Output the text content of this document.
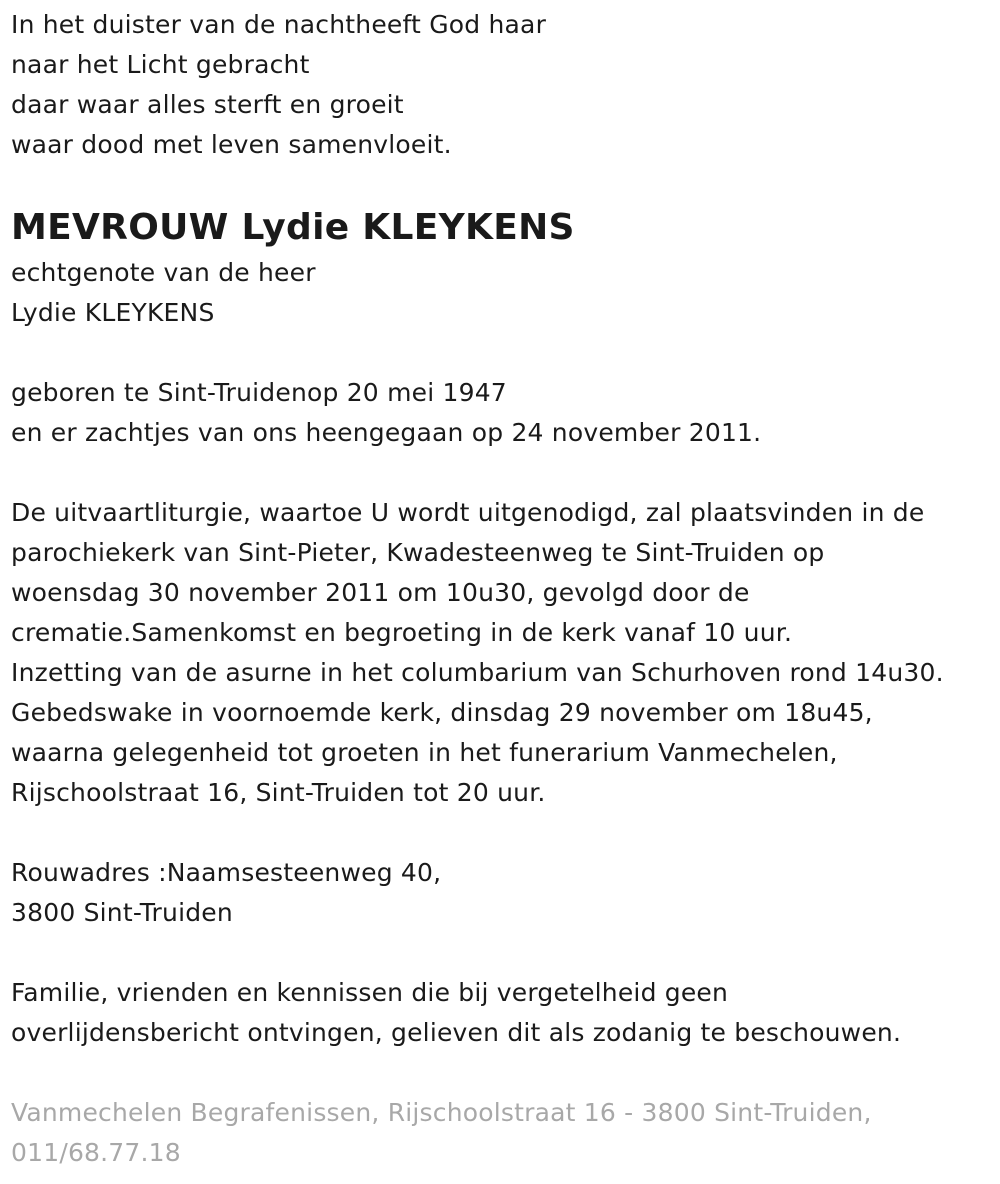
In het duister van de nachtheeft God haar
naar het Licht gebracht
daar waar alles sterft en groeit
waar dood met leven samenvloeit.
MEVROUW Lydie KLEYKENS
echtgenote van de heer
Lydie KLEYKENS
geboren te Sint-Truidenop 20 mei 1947
en er zachtjes van ons heengegaan op 24 november 2011.
De uitvaartliturgie, waartoe U wordt uitgenodigd, zal plaatsvinden in de
parochiekerk van Sint-Pieter, Kwadesteenweg te Sint-Truiden op
woensdag 30 november 2011 om 10u30, gevolgd door de
crematie.Samenkomst en begroeting in de kerk vanaf 10 uur.
Inzetting van de asurne in het columbarium van Schurhoven rond 14u30.
Gebedswake in voornoemde kerk, dinsdag 29 november om 18u45,
waarna gelegenheid tot groeten in het funerarium Vanmechelen,
Rijschoolstraat 16, Sint-Truiden tot 20 uur.
Rouwadres :Naamsesteenweg 40,
3800 Sint-Truiden
Familie, vrienden en kennissen die bij vergetelheid geen
overlijdensbericht ontvingen, gelieven dit als zodanig te beschouwen.
Vanmechelen Begrafenissen, Rijschoolstraat 16 - 3800 Sint-Truiden,
011/68.77.18
